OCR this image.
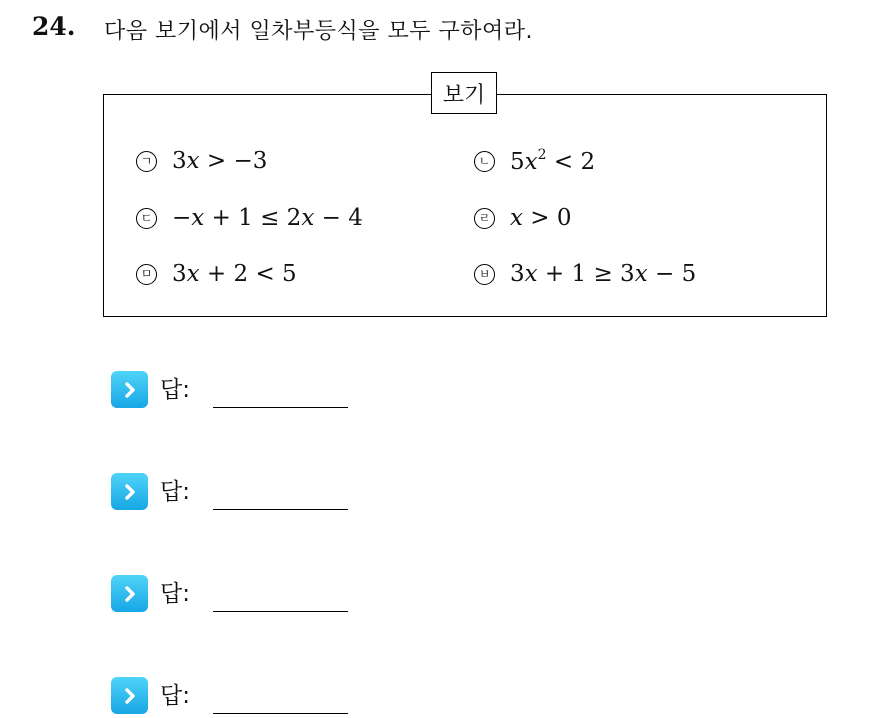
24. 다음 보기에서 일차부등식을 모두 구하여라.
보기
ㄱ 3x > −3	ㄴ $5x^2 < 2$
ㄷ −x + 1 ≤ 2x − 4	ㄹ x > 0
ㅁ 3x + 2 < 5	ㅂ 3x + 1 ≥ 3x − 5
답:
답:
답:
답:
